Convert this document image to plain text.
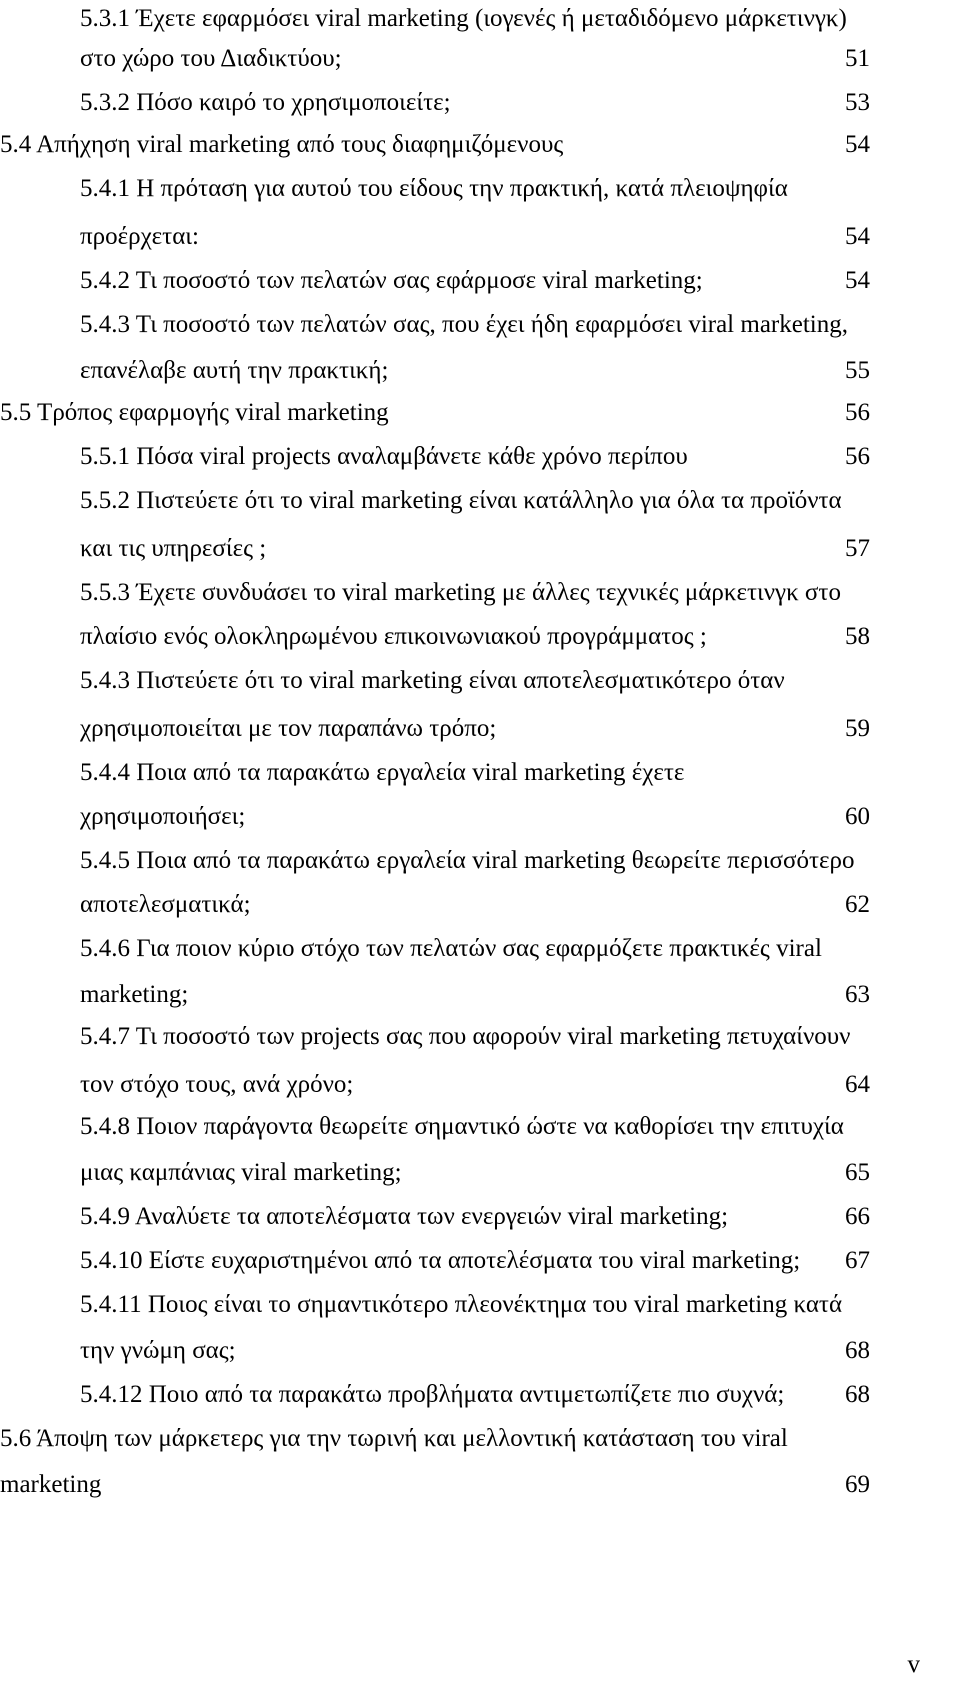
5.3.1 Έχετε εφαρμόσει viral marketing (ιογενές ή μεταδιδόμενο μάρκετινγκ)
στο χώρο του Διαδικτύου;	51
5.3.2 Πόσο καιρό το χρησιμοποιείτε;	53
5.4 Απήχηση viral marketing από τους διαφημιζόμενους	54
5.4.1 Η πρόταση για αυτού του είδους την πρακτική, κατά πλειοψηφία
προέρχεται:	54
5.4.2 Τι ποσοστό των πελατών σας εφάρμοσε viral marketing;	54
5.4.3 Τι ποσοστό των πελατών σας, που έχει ήδη εφαρμόσει viral marketing,
επανέλαβε αυτή την πρακτική;	55
5.5 Τρόπος εφαρμογής viral marketing	56
5.5.1 Πόσα viral projects αναλαμβάνετε κάθε χρόνο περίπου	56
5.5.2 Πιστεύετε ότι το viral marketing είναι κατάλληλο για όλα τα προϊόντα
και τις υπηρεσίες ;	57
5.5.3 Έχετε συνδυάσει το viral marketing με άλλες τεχνικές μάρκετινγκ στο
πλαίσιο ενός ολοκληρωμένου επικοινωνιακού προγράμματος ;	58
5.4.3 Πιστεύετε ότι το viral marketing είναι αποτελεσματικότερο όταν
χρησιμοποιείται με τον παραπάνω τρόπο;	59
5.4.4 Ποια από τα παρακάτω εργαλεία viral marketing έχετε
χρησιμοποιήσει;	60
5.4.5 Ποια από τα παρακάτω εργαλεία viral marketing θεωρείτε περισσότερο
αποτελεσματικά;	62
5.4.6 Για ποιον κύριο στόχο των πελατών σας εφαρμόζετε πρακτικές viral
marketing;	63
5.4.7 Τι ποσοστό των projects σας που αφορούν viral marketing πετυχαίνουν
τον στόχο τους, ανά χρόνο;	64
5.4.8 Ποιον παράγοντα θεωρείτε σημαντικό ώστε να καθορίσει την επιτυχία
μιας καμπάνιας viral marketing;	65
5.4.9 Αναλύετε τα αποτελέσματα των ενεργειών viral marketing;	66
5.4.10 Είστε ευχαριστημένοι από τα αποτελέσματα του viral marketing;	67
5.4.11 Ποιος είναι το σημαντικότερο πλεονέκτημα του viral marketing κατά
την γνώμη σας;	68
5.4.12 Ποιο από τα παρακάτω προβλήματα αντιμετωπίζετε πιο συχνά;	68
5.6 Άποψη των μάρκετερς για την τωρινή και μελλοντική κατάσταση του viral
marketing	69
v
